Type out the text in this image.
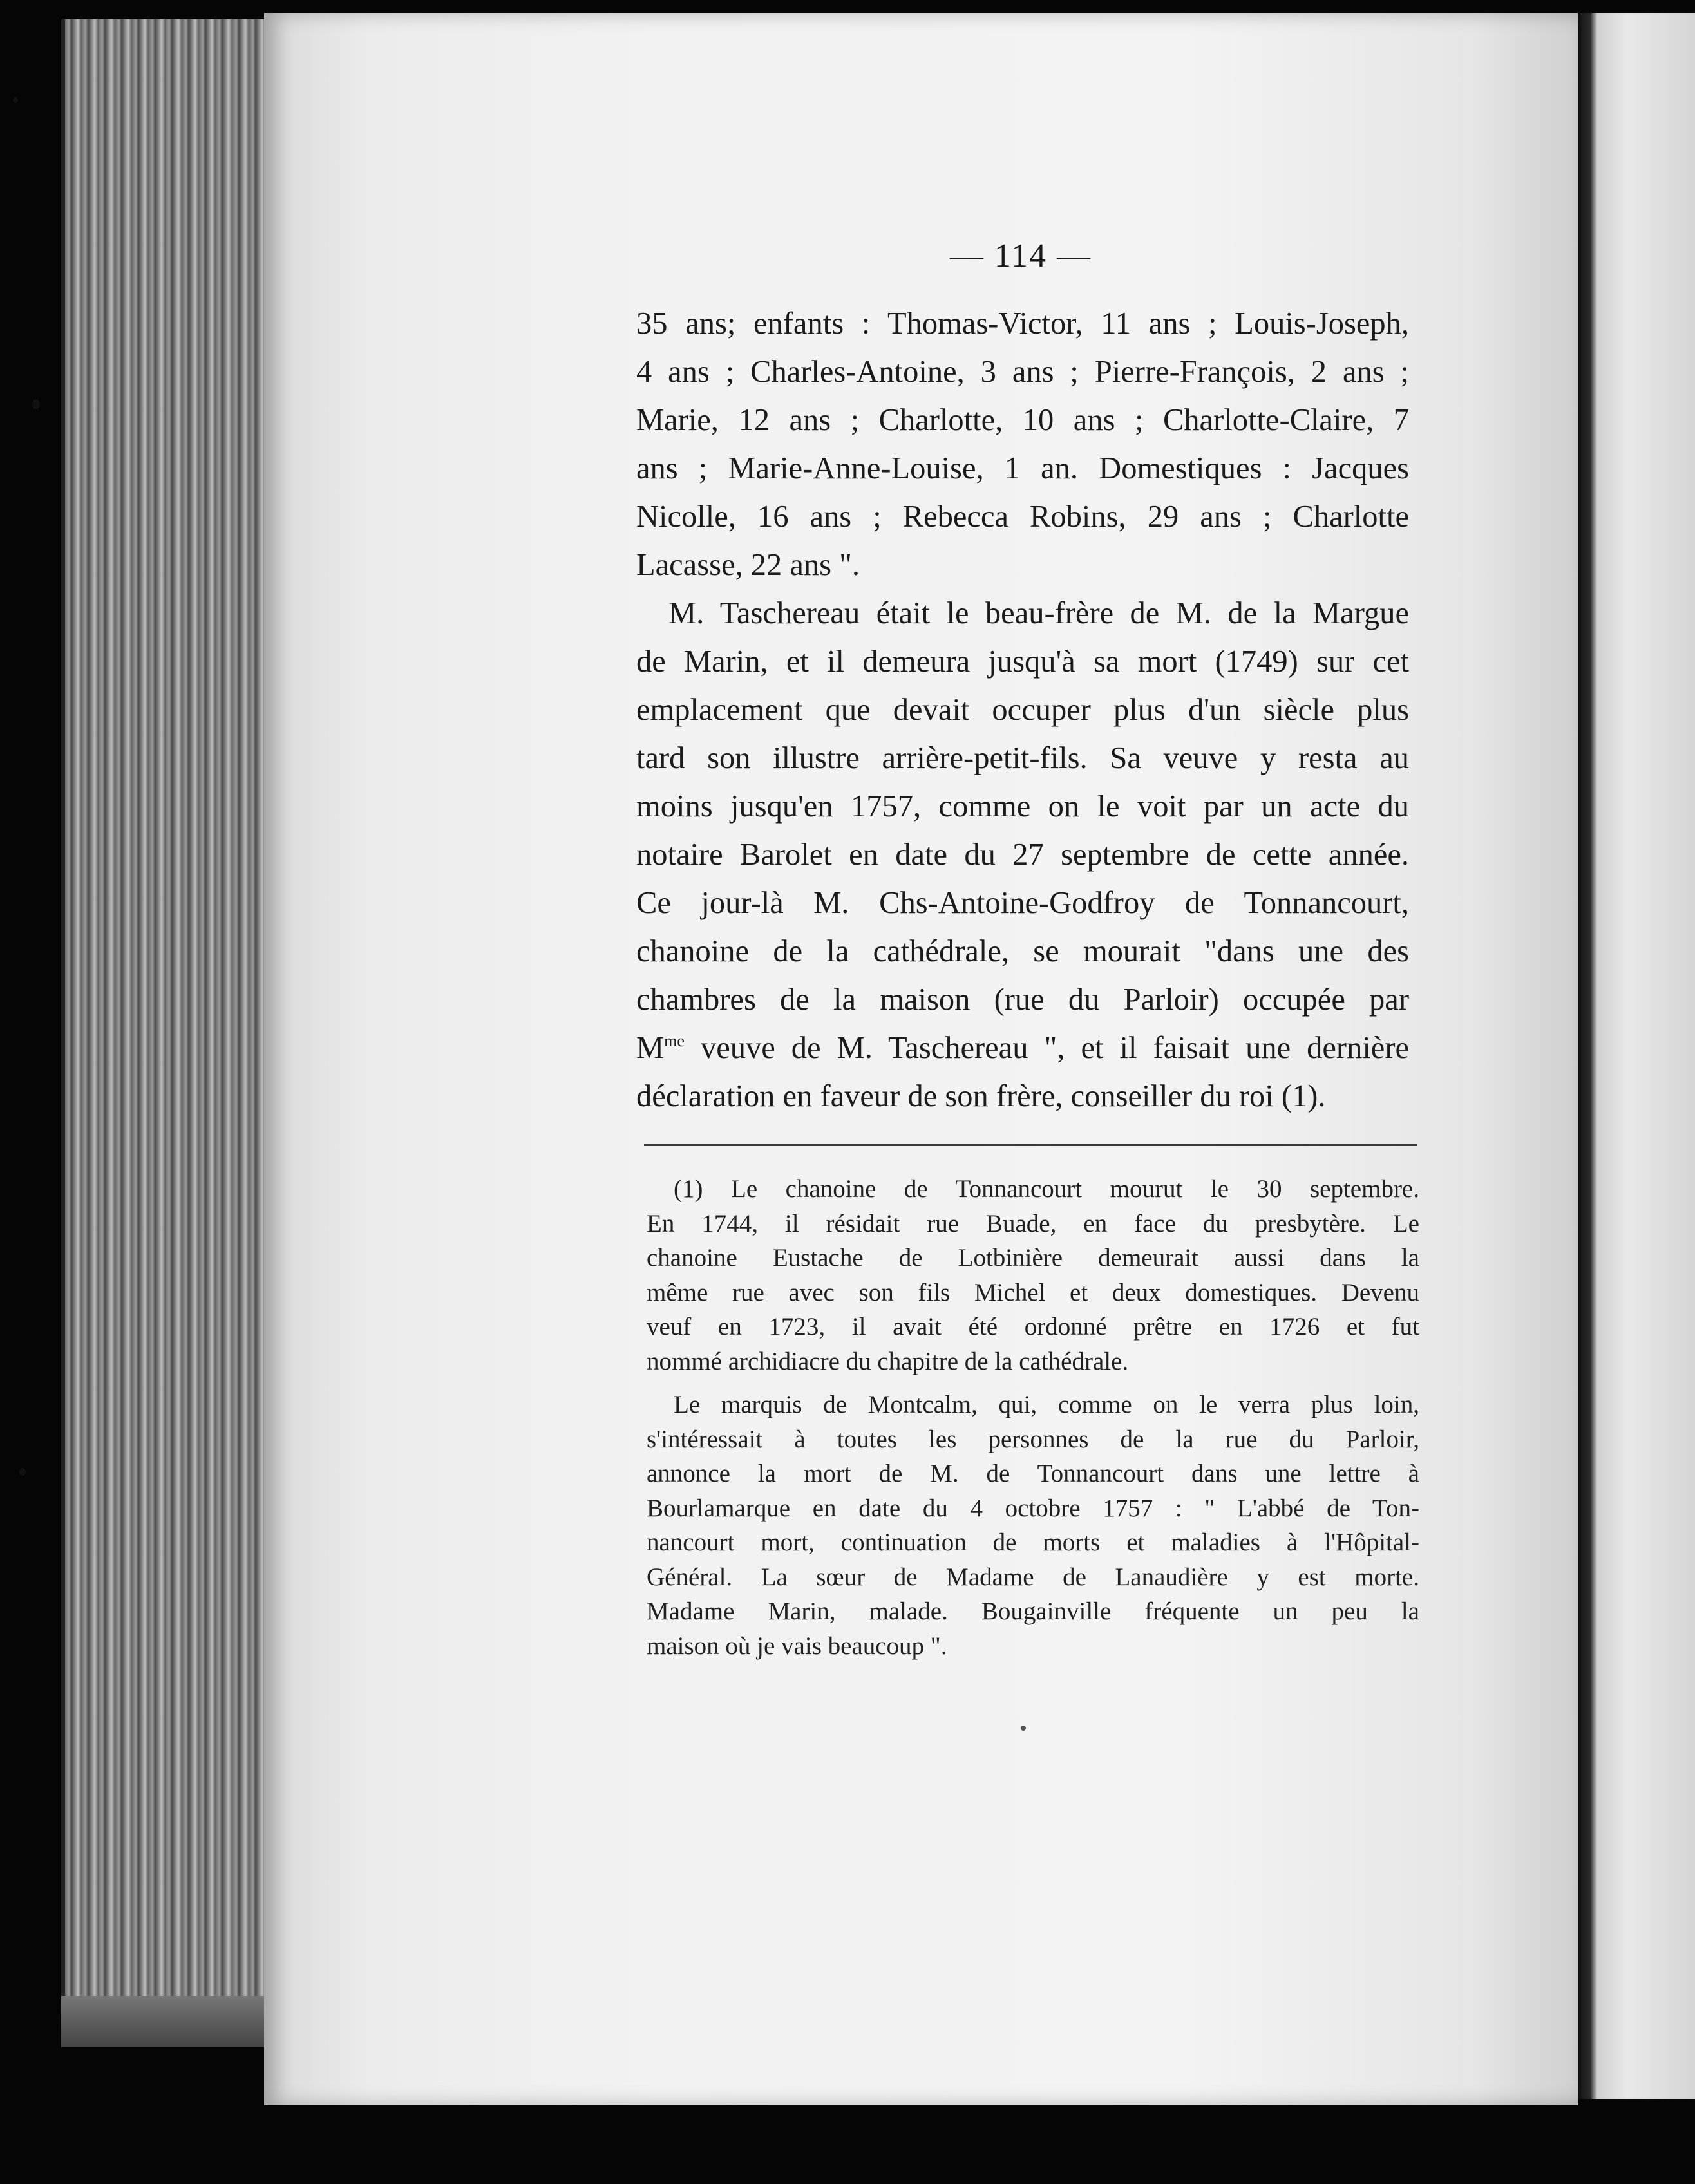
— 114 —
35 ans; enfants : Thomas-Victor, 11 ans ; Louis-Joseph,
4 ans ; Charles-Antoine, 3 ans ; Pierre-François, 2 ans ;
Marie, 12 ans ; Charlotte, 10 ans ; Charlotte-Claire, 7
ans ; Marie-Anne-Louise, 1 an. Domestiques : Jacques
Nicolle, 16 ans ; Rebecca Robins, 29 ans ; Charlotte
Lacasse, 22 ans ".
M. Taschereau était le beau-frère de M. de la Margue
de Marin, et il demeura jusqu'à sa mort (1749) sur cet
emplacement que devait occuper plus d'un siècle plus
tard son illustre arrière-petit-fils. Sa veuve y resta au
moins jusqu'en 1757, comme on le voit par un acte du
notaire Barolet en date du 27 septembre de cette année.
Ce jour-là M. Chs-Antoine-Godfroy de Tonnancourt,
chanoine de la cathédrale, se mourait "dans une des
chambres de la maison (rue du Parloir) occupée par
$M^{me}$ veuve de M. Taschereau ", et il faisait une dernière
déclaration en faveur de son frère, conseiller du roi (1).
(1) Le chanoine de Tonnancourt mourut le 30 septembre.
En 1744, il résidait rue Buade, en face du presbytère. Le
chanoine Eustache de Lotbinière demeurait aussi dans la
même rue avec son fils Michel et deux domestiques. Devenu
veuf en 1723, il avait été ordonné prêtre en 1726 et fut
nommé archidiacre du chapitre de la cathédrale.
Le marquis de Montcalm, qui, comme on le verra plus loin,
s'intéressait à toutes les personnes de la rue du Parloir,
annonce la mort de M. de Tonnancourt dans une lettre à
Bourlamarque en date du 4 octobre 1757 : " L'abbé de Ton-
nancourt mort, continuation de morts et maladies à l'Hôpital-
Général. La sœur de Madame de Lanaudière y est morte.
Madame Marin, malade. Bougainville fréquente un peu la
maison où je vais beaucoup ".
